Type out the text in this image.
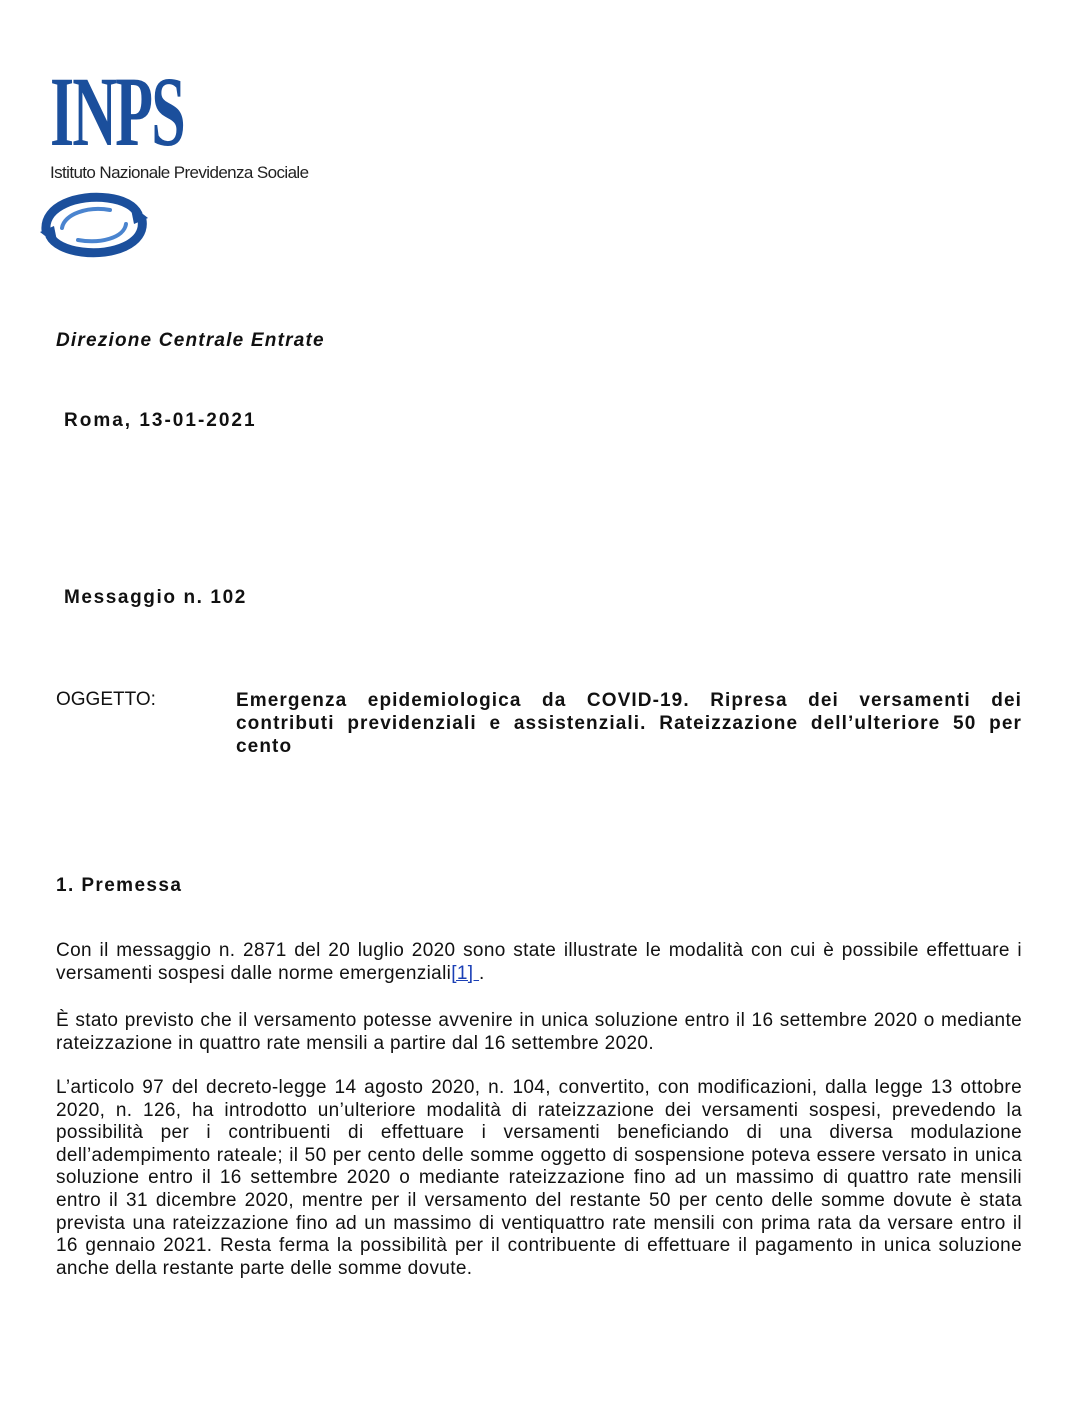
INPS
Istituto Nazionale Previdenza Sociale
Direzione Centrale Entrate
Roma, 13-01-2021
Messaggio n. 102
OGGETTO:	Emergenza epidemiologica da COVID-19. Ripresa dei versamenti dei contributi previdenziali e assistenziali. Rateizzazione dell’ulteriore 50 per cento
1. Premessa

Con il messaggio n. 2871 del 20 luglio 2020 sono state illustrate le modalità con cui è possibile effettuare i versamenti sospesi dalle norme emergenziali[1] .

È stato previsto che il versamento potesse avvenire in unica soluzione entro il 16 settembre 2020 o mediante rateizzazione in quattro rate mensili a partire dal 16 settembre 2020.

L’articolo 97 del decreto-legge 14 agosto 2020, n. 104, convertito, con modificazioni, dalla legge 13 ottobre 2020, n. 126, ha introdotto un’ulteriore modalità di rateizzazione dei versamenti sospesi, prevedendo la possibilità per i contribuenti di effettuare i versamenti beneficiando di una diversa modulazione dell’adempimento rateale; il 50 per cento delle somme oggetto di sospensione poteva essere versato in unica soluzione entro il 16 settembre 2020 o mediante rateizzazione fino ad un massimo di quattro rate mensili entro il 31 dicembre 2020, mentre per il versamento del restante 50 per cento delle somme dovute è stata prevista una rateizzazione fino ad un massimo di ventiquattro rate mensili con prima rata da versare entro il 16 gennaio 2021. Resta ferma la possibilità per il contribuente di effettuare il pagamento in unica soluzione anche della restante parte delle somme dovute.
